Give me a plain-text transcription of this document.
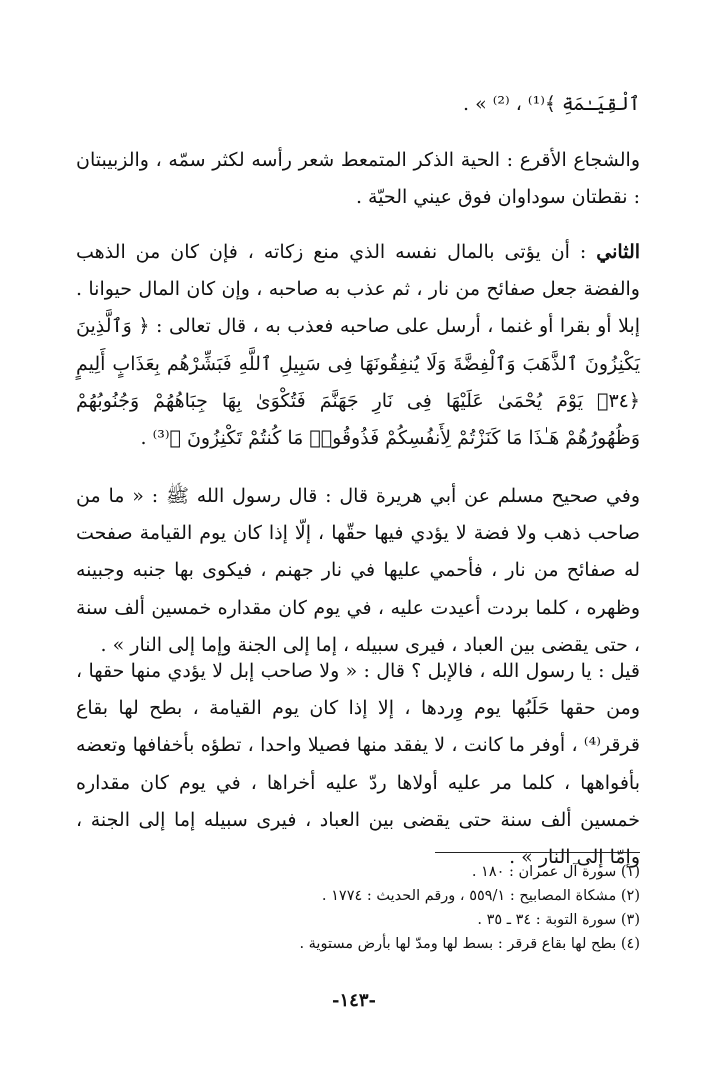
ٱلْقِيَـٰمَةِ ﴾⁽¹⁾ ، ⁽²⁾ » .

والشجاع الأقرع : الحية الذكر المتمعط شعر رأسه لكثر سمّه ، والزبيبتان : نقطتان سوداوان فوق عيني الحيّة .

الثاني : أن يؤتى بالمال نفسه الذي منع زكاته ، فإن كان من الذهب والفضة جعل صفائح من نار ، ثم عذب به صاحبه ، وإن كان المال حيوانا . إبلا أو بقرا أو غنما ، أرسل على صاحبه فعذب به ، قال تعالى : ﴿ وَٱلَّذِينَ يَكْنِزُونَ ٱلذَّهَبَ وَٱلْفِضَّةَ وَلَا يُنفِقُونَهَا فِى سَبِيلِ ٱللَّهِ فَبَشِّرْهُم بِعَذَابٍ أَلِيمٍ ﴿٣٤﴾ يَوْمَ يُحْمَىٰ عَلَيْهَا فِى نَارِ جَهَنَّمَ فَتُكْوَىٰ بِهَا جِبَاهُهُمْ وَجُنُوبُهُمْ وَظُهُورُهُمْ هَـٰذَا مَا كَنَزْتُمْ لِأَنفُسِكُمْ فَذُوقُوا۟ مَا كُنتُمْ تَكْنِزُونَ ﴾⁽³⁾ .

وفي صحيح مسلم عن أبي هريرة قال : قال رسول الله ﷺ : « ما من صاحب ذهب ولا فضة لا يؤدي فيها حقّها ، إلّا إذا كان يوم القيامة صفحت له صفائح من نار ، فأحمي عليها في نار جهنم ، فيكوى بها جنبه وجبينه وظهره ، كلما بردت أعيدت عليه ، في يوم كان مقداره خمسين ألف سنة ، حتى يقضى بين العباد ، فيرى سبيله ، إما إلى الجنة وإما إلى النار » .

قيل : يا رسول الله ، فالإبل ؟ قال : « ولا صاحب إبل لا يؤدي منها حقها ، ومن حقها حَلَبُها يوم وِردها ، إلا إذا كان يوم القيامة ، بطح لها بقاع قرقر⁽⁴⁾ ، أوفر ما كانت ، لا يفقد منها فصيلا واحدا ، تطؤه بأخفافها وتعضه بأفواهها ، كلما مر عليه أولاها ردّ عليه أخراها ، في يوم كان مقداره خمسين ألف سنة حتى يقضى بين العباد ، فيرى سبيله إما إلى الجنة ، وإمّا إلى النار » .

(١) سورة آل عمران : ١٨٠ .
(٢) مشكاة المصابيح : ٥٥٩/١ ، ورقم الحديث : ١٧٧٤ .
(٣) سورة التوبة : ٣٤ ـ ٣٥ .
(٤) بطح لها بقاع قرقر : بسط لها ومدّ لها بأرض مستوية .
-١٤٣-
